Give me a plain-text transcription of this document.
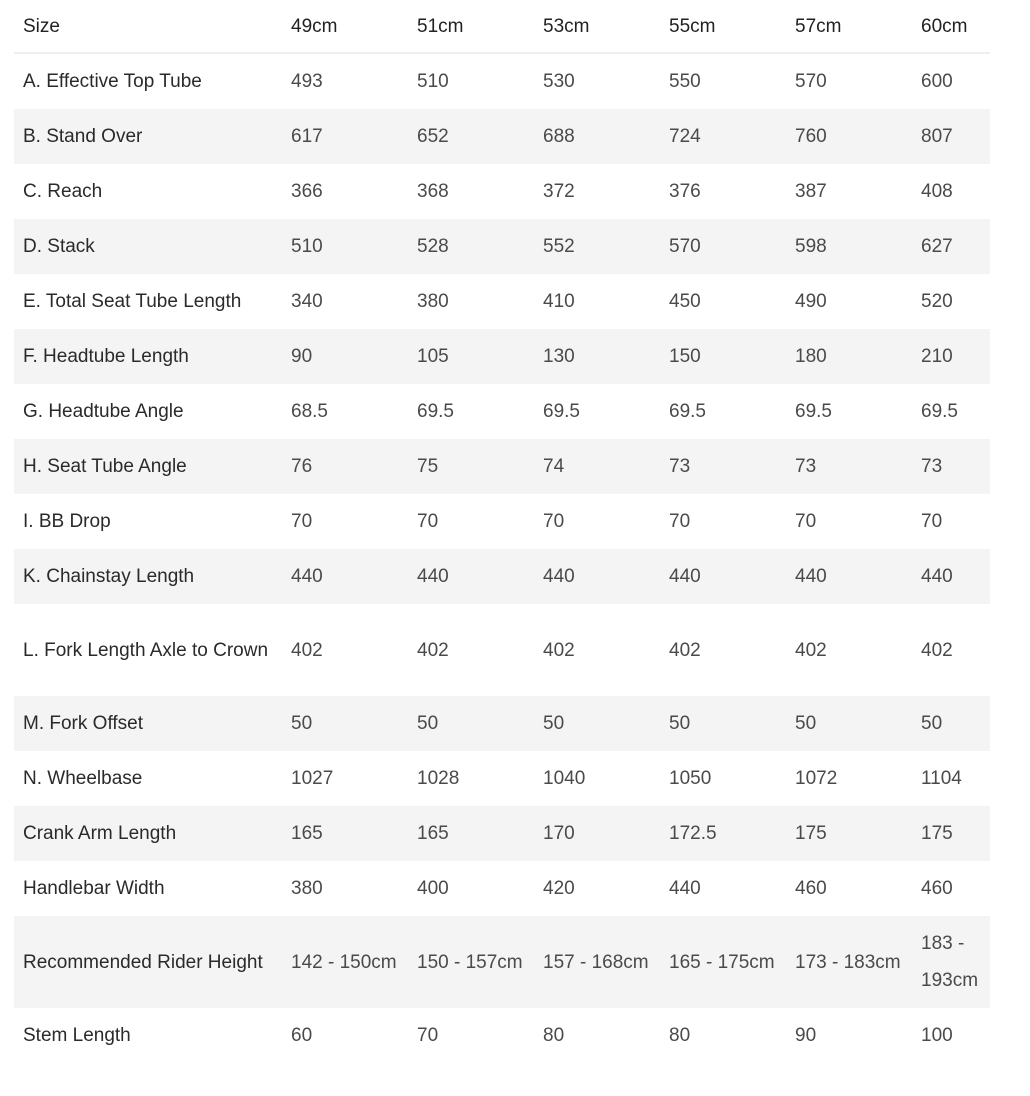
Size	49cm	51cm	53cm	55cm	57cm	60cm
A. Effective Top Tube	493	510	530	550	570	600
B. Stand Over	617	652	688	724	760	807
C. Reach	366	368	372	376	387	408
D. Stack	510	528	552	570	598	627
E. Total Seat Tube Length	340	380	410	450	490	520
F. Headtube Length	90	105	130	150	180	210
G. Headtube Angle	68.5	69.5	69.5	69.5	69.5	69.5
H. Seat Tube Angle	76	75	74	73	73	73
I. BB Drop	70	70	70	70	70	70
K. Chainstay Length	440	440	440	440	440	440
L. Fork Length Axle to Crown	402	402	402	402	402	402
M. Fork Offset	50	50	50	50	50	50
N. Wheelbase	1027	1028	1040	1050	1072	1104
Crank Arm Length	165	165	170	172.5	175	175
Handlebar Width	380	400	420	440	460	460
Recommended Rider Height	142 - 150cm	150 - 157cm	157 - 168cm	165 - 175cm	173 - 183cm	183 - 193cm
Stem Length	60	70	80	80	90	100
